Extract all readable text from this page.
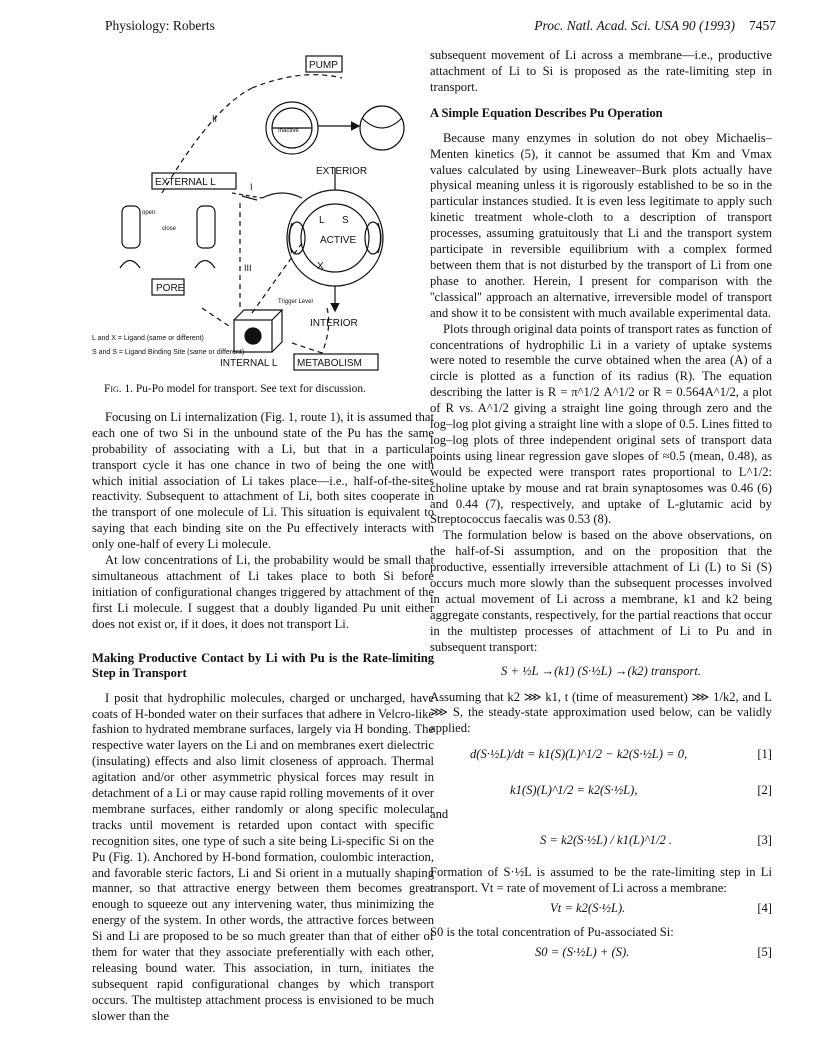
Physiology: Roberts	Proc. Natl. Acad. Sci. USA 90 (1993) 7457
PUMP
EXTERIOR
EXTERNAL L
ACTIVE
Inactive
PORE
INTERIOR
INTERNAL L METABOLISM
Trigger Level
open
close
I
II
III
S
L
X
L and X = Ligand (same or different)
S and S = Ligand Binding Site (same or different)
Fig. 1. Pu-Po model for transport. See text for discussion.

Focusing on Li internalization (Fig. 1, route 1), it is assumed that each one of two Si in the unbound state of the Pu has the same probability of associating with a Li, but that in a particular transport cycle it has one chance in two of being the one with which initial association of Li takes place—i.e., half-of-the-sites reactivity. Subsequent to attachment of Li, both sites cooperate in the transport of one molecule of Li. This situation is equivalent to saying that each binding site on the Pu effectively interacts with only one-half of every Li molecule.

At low concentrations of Li, the probability would be small that simultaneous attachment of Li takes place to both Si before initiation of configurational changes triggered by attachment of the first Li molecule. I suggest that a doubly liganded Pu unit either does not exist or, if it does, it does not transport Li.

Making Productive Contact by Li with Pu is the Rate-limiting Step in Transport

I posit that hydrophilic molecules, charged or uncharged, have coats of H-bonded water on their surfaces that adhere in Velcro-like fashion to hydrated membrane surfaces, largely via H bonding. The respective water layers on the Li and on membranes exert dielectric (insulating) effects and also limit closeness of approach. Thermal agitation and/or other asymmetric physical forces may result in detachment of a Li or may cause rapid rolling movements of it over membrane surfaces, either randomly or along specific molecular tracks until movement is retarded upon contact with specific recognition sites, one type of such a site being Li-specific Si on the Pu (Fig. 1). Anchored by H-bond formation, coulombic interaction, and favorable steric factors, Li and Si orient in a mutually shaping manner, so that attractive energy between them becomes great enough to squeeze out any intervening water, thus minimizing the energy of the system. In other words, the attractive forces between Si and Li are proposed to be so much greater than that of either of them for water that they associate preferentially with each other, releasing bound water. This association, in turn, initiates the subsequent rapid configurational changes by which transport occurs. The multistep attachment process is envisioned to be much slower than the

subsequent movement of Li across a membrane—i.e., productive attachment of Li to Si is proposed as the rate-limiting step in transport.

A Simple Equation Describes Pu Operation

Because many enzymes in solution do not obey Michaelis–Menten kinetics (5), it cannot be assumed that Km and Vmax values calculated by using Lineweaver–Burk plots actually have physical meaning unless it is rigorously established to be so in the particular instances studied. It is even less legitimate to apply such kinetic treatment whole-cloth to a description of transport processes, assuming gratuitously that Li and the transport system participate in reversible equilibrium with a complex formed between them that is not disturbed by the transport of Li from one phase to another. Herein, I present for comparison with the ''classical'' approach an alternative, irreversible model of transport and show it to be consistent with much available experimental data.

Plots through original data points of transport rates as function of concentrations of hydrophilic Li in a variety of uptake systems were noted to resemble the curve obtained when the area (A) of a circle is plotted as a function of its radius (R). The equation describing the latter is R = π^1/2 A^1/2 or R = 0.564A^1/2, a plot of R vs. A^1/2 giving a straight line going through zero and the log–log plot giving a straight line with a slope of 0.5. Lines fitted to log–log plots of three independent original sets of transport data points using linear regression gave slopes of ≈0.5 (mean, 0.48), as would be expected were transport rates proportional to L^1/2: choline uptake by mouse and rat brain synaptosomes was 0.46 (6) and 0.44 (7), respectively, and uptake of L-glutamic acid by Streptococcus faecalis was 0.53 (8).

The formulation below is based on the above observations, on the half-of-Si assumption, and on the proposition that the productive, essentially irreversible attachment of Li (L) to Si (S) occurs much more slowly than the subsequent processes involved in actual movement of Li across a membrane, k1 and k2 being aggregate constants, respectively, for the partial reactions that occur in the multistep processes of attachment of Li to Pu and in subsequent transport:

S + ½L →(k1) (S·½L) →(k2) transport.

Assuming that k2 ⋙ k1, t (time of measurement) ⋙ 1/k2, and L ⋙ S, the steady-state approximation used below, can be validly applied:

d(S·½L)/dt = k1(S)(L)^1/2 − k2(S·½L) = 0,	[1]
k1(S)(L)^1/2 = k2(S·½L),	[2]

and

S = k2(S·½L) / k1(L)^1/2 .	[3]

Formation of S·½L is assumed to be the rate-limiting step in Li transport. Vt = rate of movement of Li across a membrane:

Vt = k2(S·½L).	[4]

S0 is the total concentration of Pu-associated Si:

S0 = (S·½L) + (S).	[5]
